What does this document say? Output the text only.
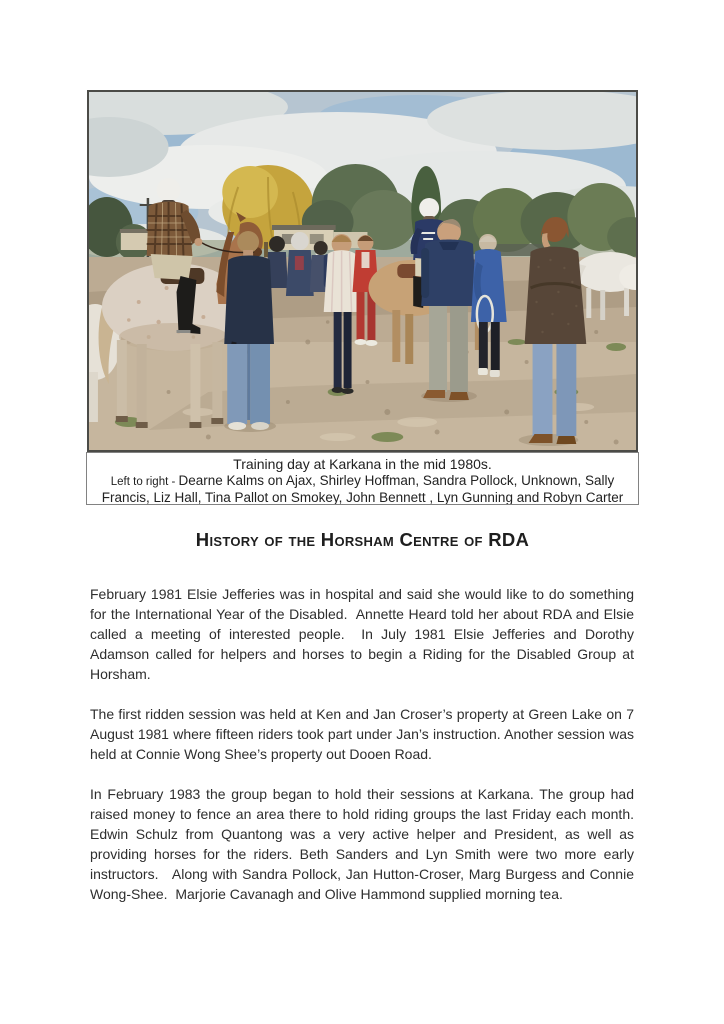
Training day at Karkana in the mid 1980s.
Left to right - Dearne Kalms on Ajax, Shirley Hoffman, Sandra Pollock, Unknown, Sally Francis, Liz Hall, Tina Pallot on Smokey, John Bennett , Lyn Gunning and Robyn Carter
History of the Horsham Centre of RDA

February 1981 Elsie Jefferies was in hospital and said she would like to do something for the International Year of the Disabled.  Annette Heard told her about RDA and Elsie called a meeting of interested people.  In July 1981 Elsie Jefferies and Dorothy Adamson called for helpers and horses to begin a Riding for the Disabled Group at Horsham.

The first ridden session was held at Ken and Jan Croser’s property at Green Lake on 7 August 1981 where fifteen riders took part under Jan’s instruction. Another session was held at Connie Wong Shee’s property out Dooen Road.

In February 1983 the group began to hold their sessions at Karkana. The group had raised money to fence an area there to hold riding groups the last Friday each month. Edwin Schulz from Quantong was a very active helper and President, as well as providing horses for the riders. Beth Sanders and Lyn Smith were two more early instructors.   Along with Sandra Pollock, Jan Hutton-Croser, Marg Burgess and Connie Wong-Shee.  Marjorie Cavanagh and Olive Hammond supplied morning tea.
